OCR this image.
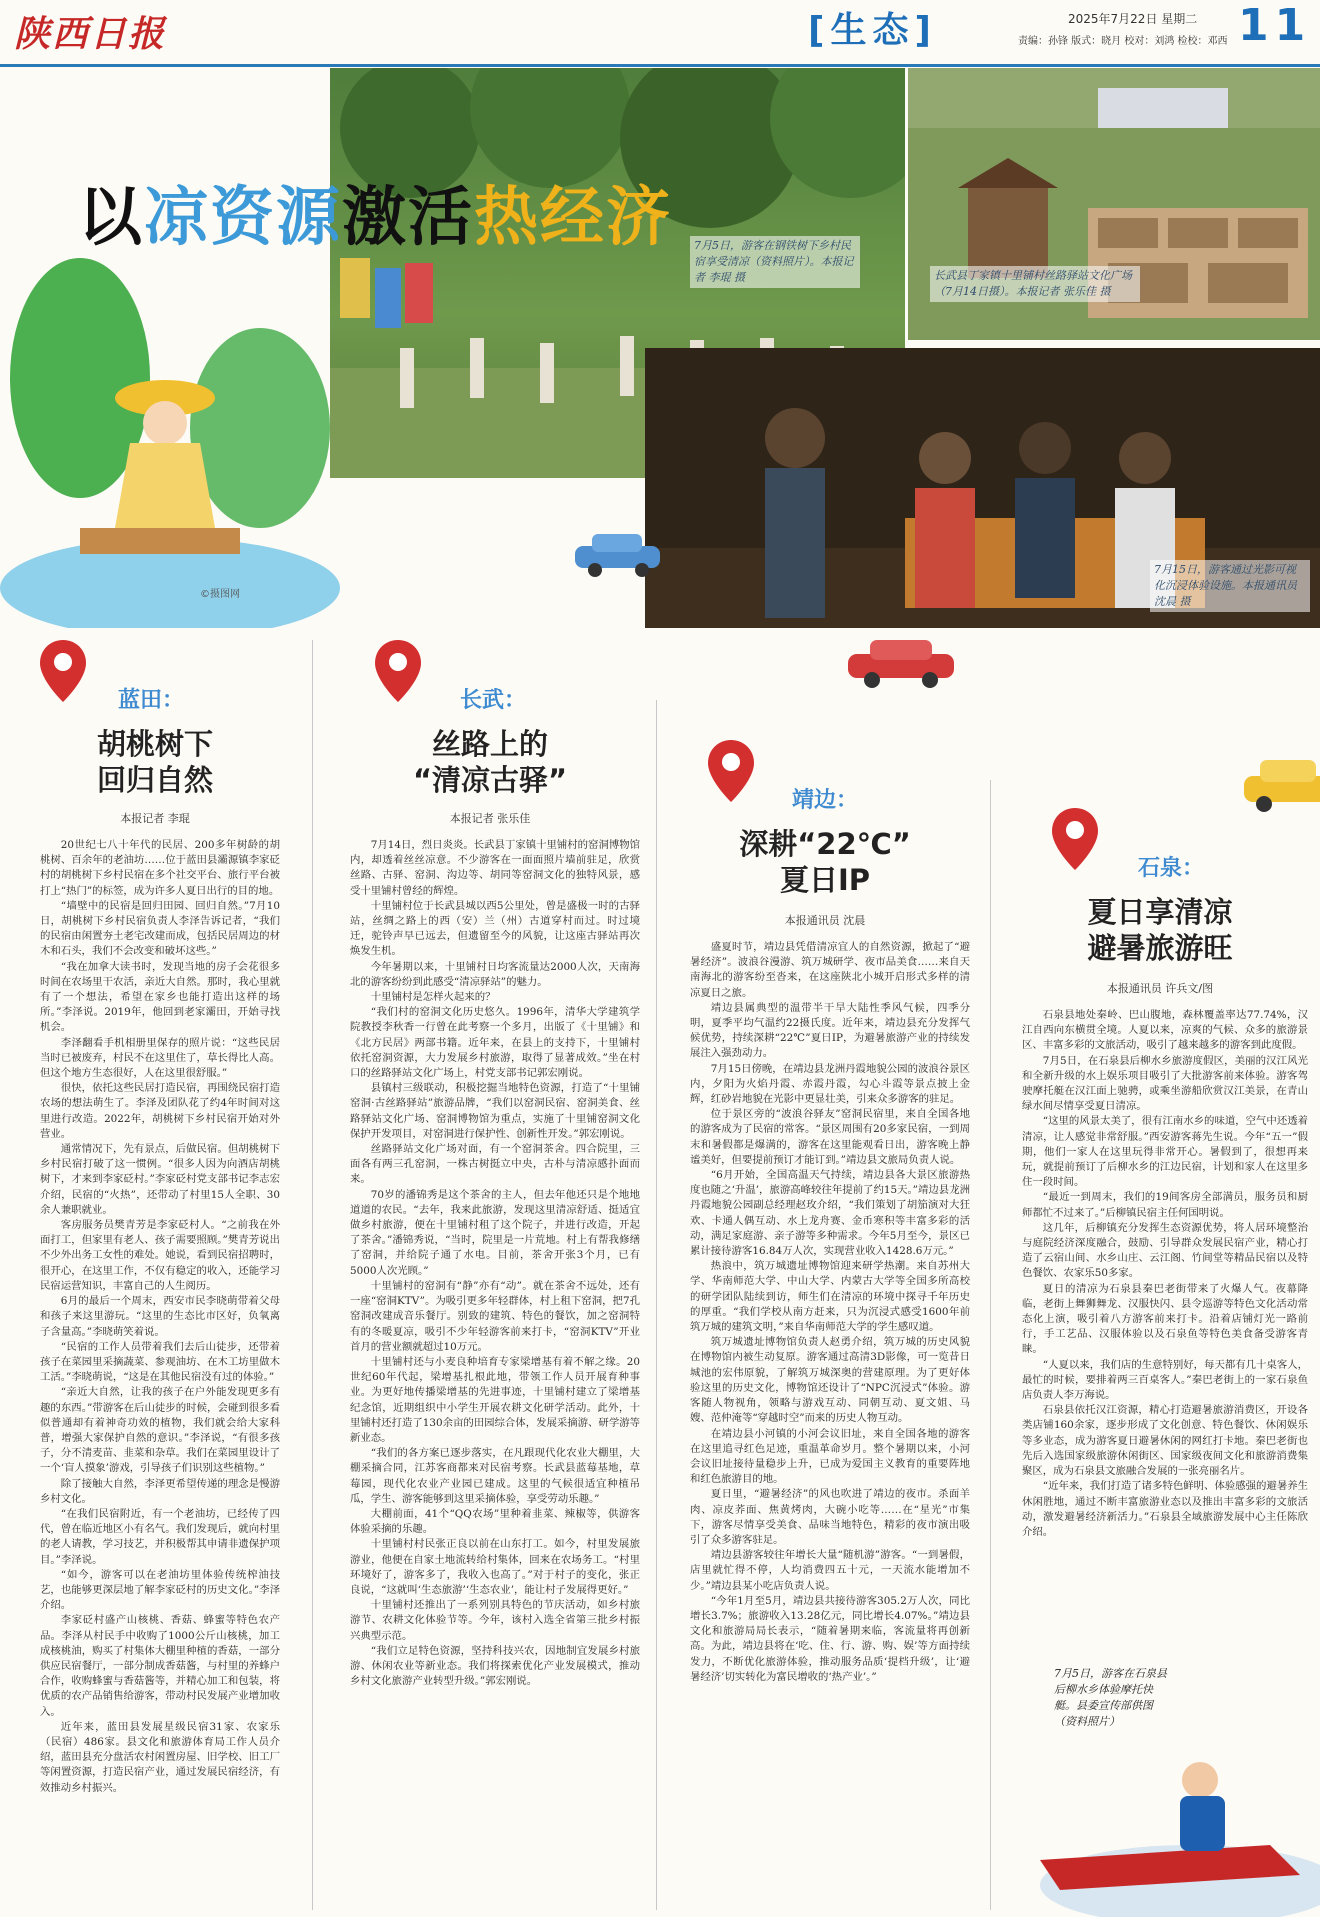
陕西日报	[生态]	2025年7月22日 星期二
责编：孙锋 版式：晓月 校对：刘鸿 检校：邓西 11
以凉资源激活热经济	7月5日，游客在钢铁树下乡村民宿享受清凉（资料照片）。本报记者 李琨 摄	长武县丁家镇十里铺村丝路驿站文化广场（7月14日摄）。本报记者 张乐佳 摄
7月15日，游客通过光影可视化沉浸体验设施。本报通讯员 沈晨 摄
©摄图网
蓝田：
胡桃树下
回归自然
本报记者 李琨

20世纪七八十年代的民居、200多年树龄的胡桃树、百余年的老油坊……位于蓝田县灞源镇李家砭村的胡桃树下乡村民宿在多个社交平台、旅行平台被打上“热门”的标签，成为许多人夏日出行的目的地。

“墙壁中的民宿是回归田园、回归自然。”7月10日，胡桃树下乡村民宿负责人李泽告诉记者，“我们的民宿由闲置夯土老宅改建而成，包括民居周边的材木和石头，我们不会改变和破坏这些。”

“我在加拿大读书时，发现当地的房子会花很多时间在农场里干农活，亲近大自然。那时，我心里就有了一个想法，希望在家乡也能打造出这样的场所。”李泽说。2019年，他回到老家灞田，开始寻找机会。

李泽翻看手机相册里保存的照片说：“这些民居当时已被废弃，村民不在这里住了，草长得比人高。但这个地方生态很好，人在这里很舒服。”

很快，依托这些民居打造民宿，再围绕民宿打造农场的想法萌生了。李泽及团队花了约4年时间对这里进行改造。2022年，胡桃树下乡村民宿开始对外营业。

通常情况下，先有景点，后做民宿。但胡桃树下乡村民宿打破了这一惯例。“很多人因为向酒店胡桃树下，才来到李家砭村。”李家砭村党支部书记李志宏介绍，民宿的“火热”，还带动了村里15人全职、30余人兼职就业。

客房服务员樊青芳是李家砭村人。“之前我在外面打工，但家里有老人、孩子需要照顾。”樊青芳说出不少外出务工女性的难处。她说，看到民宿招聘时，很开心，在这里工作，不仅有稳定的收入，还能学习民宿运营知识，丰富自己的人生阅历。

6月的最后一个周末，西安市民李晓萌带着父母和孩子来这里游玩。“这里的生态比市区好，负氧离子含量高。”李晓萌笑着说。

“民宿的工作人员带着我们去后山徒步，还带着孩子在菜园里采摘蔬菜、参观油坊、在木工坊里做木工活。”李晓萌说，“这是在其他民宿没有过的体验。”

“亲近大自然，让我的孩子在户外能发现更多有趣的东西。”带游客在后山徒步的时候，会碰到很多看似普通却有着神奇功效的植物，我们就会给大家科普，增强大家保护自然的意识。”李泽说，“有很多孩子，分不清麦苗、韭菜和杂草。我们在菜园里设计了一个‘盲人摸象’游戏，引导孩子们识别这些植物。”

除了接触大自然，李泽更希望传递的理念是慢游乡村文化。

“在我们民宿附近，有一个老油坊，已经传了四代，曾在临近地区小有名气。我们发现后，就向村里的老人请教，学习技艺，并积极帮其申请非遗保护项目。”李泽说。

“如今，游客可以在老油坊里体验传统榨油技艺，也能够更深层地了解李家砭村的历史文化。”李泽介绍。

李家砭村盛产山核桃、香菇、蜂蜜等特色农产品。李泽从村民手中收购了1000公斤山核桃，加工成核桃油，购买了村集体大棚里种植的香菇，一部分供应民宿餐厅，一部分制成香菇酱，与村里的养蜂户合作，收购蜂蜜与香菇酱等，并精心加工和包装，将优质的农产品销售给游客，带动村民发展产业增加收入。

近年来，蓝田县发展星级民宿31家、农家乐（民宿）486家。县文化和旅游体育局工作人员介绍，蓝田县充分盘活农村闲置房屋、旧学校、旧工厂等闲置资源，打造民宿产业，通过发展民宿经济，有效推动乡村振兴。

长武：
丝路上的
“清凉古驿”
本报记者 张乐佳

7月14日，烈日炎炎。长武县丁家镇十里铺村的窑洞博物馆内，却透着丝丝凉意。不少游客在一面面照片墙前驻足，欣赏丝路、古驿、窑洞、沟边等、胡同等窑洞文化的独特风景，感受十里铺村曾经的辉煌。

十里铺村位于长武县城以西5公里处，曾是盛极一时的古驿站，丝绸之路上的西（安）兰（州）古道穿村而过。时过境迁，驼铃声早已远去，但遗留至今的风貌，让这座古驿站再次焕发生机。

今年暑期以来，十里铺村日均客流量达2000人次，天南海北的游客纷纷到此感受“清凉驿站”的魅力。

十里铺村是怎样火起来的？

“我们村的窑洞文化历史悠久。1996年，清华大学建筑学院教授李秋香一行曾在此考察一个多月，出版了《十里铺》和《北方民居》两部书籍。近年来，在县上的支持下，十里铺村依托窑洞资源，大力发展乡村旅游，取得了显著成效。”坐在村口的丝路驿站文化广场上，村党支部书记郭宏刚说。

县镇村三级联动，积极挖掘当地特色资源，打造了“十里铺窑洞·古丝路驿站”旅游品牌，“我们以窑洞民宿、窑洞美食、丝路驿站文化广场、窑洞博物馆为重点，实施了十里铺窑洞文化保护开发项目，对窑洞进行保护性、创新性开发。”郭宏刚说。

丝路驿站文化广场对面，有一个窑洞茶舍。四合院里，三面各有两三孔窑洞，一株古树挺立中央，古朴与清凉感扑面而来。

70岁的潘锦秀是这个茶舍的主人，但去年他还只是个地地道道的农民。“去年，我来此旅游，发现这里清凉舒适、挺适宜做乡村旅游，便在十里铺村租了这个院子，并进行改造，开起了茶舍。”潘锦秀说，“当时，院里是一片荒地。村上有帮我修缮了窑洞，并给院子通了水电。目前，茶舍开张3个月，已有5000人次光顾。”

十里铺村的窑洞有“静”亦有“动”。就在茶舍不远处，还有一座“窑洞KTV”。为吸引更多年轻群体，村上租下窑洞，把7孔窑洞改建成音乐餐厅。别致的建筑、特色的餐饮，加之窑洞特有的冬暖夏凉，吸引不少年轻游客前来打卡，“窑洞KTV”开业首月的营业额就超过10万元。

十里铺村还与小麦良种培育专家梁增基有着不解之缘。20世纪60年代起，梁增基扎根此地，带领工作人员开展育种事业。为更好地传播梁增基的先进事迹，十里铺村建立了梁增基纪念馆，近期组织中小学生开展农耕文化研学活动。此外，十里铺村还打造了130余亩的田园综合体，发展采摘游、研学游等新业态。

“我们的各方案已逐步落实，在凡跟现代化农业大棚里，大棚采摘合同，江苏客商都来对民宿考察。长武县蓝莓基地，草莓园，现代化农业产业园已建成。这里的气候很适宜种植吊瓜，学生、游客能够到这里采摘体验，享受劳动乐趣。”

大棚前面，41个“QQ农场”里种着韭菜、辣椒等，供游客体验采摘的乐趣。

十里铺村村民张正良以前在山东打工。如今，村里发展旅游业，他便在自家土地流转给村集体，回来在农场务工。“村里环境好了，游客多了，我收入也高了。”对于村子的变化，张正良说，“这就叫‘生态旅游’‘生态农业’，能让村子发展得更好。”

十里铺村还推出了一系列别具特色的节庆活动，如乡村旅游节、农耕文化体验节等。今年，该村入选全省第三批乡村振兴典型示范。

“我们立足特色资源，坚持科技兴农，因地制宜发展乡村旅游、休闲农业等新业态。我们将探索优化产业发展模式，推动乡村文化旅游产业转型升级。”郭宏刚说。

靖边：
深耕“22℃”
夏日IP
本报通讯员 沈晨

盛夏时节，靖边县凭借清凉宜人的自然资源，掀起了“避暑经济”。波浪谷漫游、筑万城研学、夜市品美食……来自天南海北的游客纷至沓来，在这座陕北小城开启形式多样的清凉夏日之旅。

靖边县属典型的温带半干旱大陆性季风气候，四季分明，夏季平均气温约22摄氏度。近年来，靖边县充分发挥气候优势，持续深耕“22℃”夏日IP，为避暑旅游产业的持续发展注入强劲动力。

7月15日傍晚，在靖边县龙洲丹霞地貌公园的波浪谷景区内，夕阳为火焰丹霞、赤霞丹霞，勾心斗霞等景点披上金辉，红砂岩地貌在光影中更显壮美，引来众多游客的驻足。

位于景区旁的“波浪谷驿友”窑洞民宿里，来自全国各地的游客成为了民宿的常客。“景区周围有20多家民宿，一到周末和暑假都是爆满的，游客在这里能观看日出，游客晚上静谧美好，但要提前预订才能订到。”靖边县文旅局负责人说。

“6月开始，全国高温天气持续，靖边县各大景区旅游热度也随之‘升温’，旅游高峰较往年提前了约15天。”靖边县龙洲丹霞地貌公园副总经理赵玫介绍，“我们策划了胡笳演对大狂欢、卡通人偶互动、水上龙舟赛、金币寒积等丰富多彩的活动，满足家庭游、亲子游等多种需求。今年5月至今，景区已累计接待游客16.84万人次，实现营业收入1428.6万元。”

热浪中，筑万城遗址博物馆迎来研学热潮。来自苏州大学、华南师范大学、中山大学、内蒙古大学等全国多所高校的研学团队陆续到访，师生们在清凉的环境中探寻千年历史的厚重。“我们学校从南方赶来，只为沉浸式感受1600年前筑万城的建筑文明，”来自华南师范大学的学生感叹道。

筑万城遗址博物馆负责人赵勇介绍，筑万城的历史风貌在博物馆内被生动复原。游客通过高清3D影像，可一览昔日城池的宏伟原貌，了解筑万城深奥的营建原理。为了更好体验这里的历史文化，博物馆还设计了“NPC沉浸式”体验。游客随人物视角，领略与游戏互动、同朝互动、夏文姐、马嫂、范仲淹等“穿越时空”而来的历史人物互动。

在靖边县小河镇的小河会议旧址，来自全国各地的游客在这里追寻红色足迹，重温革命岁月。整个暑期以来，小河会议旧址接待量稳步上升，已成为爱国主义教育的重要阵地和红色旅游目的地。

夏日里，“避暑经济”的风也吹进了靖边的夜市。杀面羊肉、凉皮荞面、焦黄烤肉，大碗小吃等……在“星光”市集下，游客尽情享受美食、品味当地特色，精彩的夜市演出吸引了众多游客驻足。

靖边县游客较往年增长大量“随机游”游客。“一到暑假，店里就忙得不停，人均消费四五十元，一天流水能增加不少。”靖边县某小吃店负责人说。

“今年1月至5月，靖边县共接待游客305.2万人次，同比增长3.7%；旅游收入13.28亿元，同比增长4.07%。”靖边县文化和旅游局局长表示，“随着暑期来临，客流量将再创新高。为此，靖边县将在‘吃、住、行、游、购、娱’等方面持续发力，不断优化旅游体验，推动服务品质‘提档升级’，让‘避暑经济’切实转化为富民增收的‘热产业’。”

石泉：
夏日享清凉
避暑旅游旺
本报通讯员 许兵文/图

石泉县地处秦岭、巴山腹地，森林覆盖率达77.74%，汉江自西向东横贯全境。人夏以来，凉爽的气候、众多的旅游景区、丰富多彩的文旅活动，吸引了越来越多的游客到此度假。

7月5日，在石泉县后柳水乡旅游度假区，美丽的汉江风光和全新升级的水上娱乐项目吸引了大批游客前来体验。游客驾驶摩托艇在汉江面上驰骋，或乘坐游船欣赏汉江美景，在青山绿水间尽情享受夏日清凉。

“这里的风景太美了，很有江南水乡的味道，空气中还透着清凉，让人感觉非常舒服。”西安游客蒋先生说。今年“五一”假期，他们一家人在这里玩得非常开心。暑假到了，很想再来玩，就提前预订了后柳水乡的江边民宿，计划和家人在这里多住一段时间。

“最近一到周末，我们的19间客房全部满员，服务员和厨师都忙不过来了。”后柳镇民宿主任何国明说。

这几年，后柳镇充分发挥生态资源优势，将人居环境整治与庭院经济深度融合，鼓励、引导群众发展民宿产业，精心打造了云宿山间、水乡山庄、云江阁、竹间堂等精品民宿以及特色餐饮、农家乐50多家。

夏日的清凉为石泉县秦巴老街带来了火爆人气。夜幕降临，老街上舞狮舞龙、汉服快闪、县令巡游等特色文化活动常态化上演，吸引着八方游客前来打卡。沿着店铺灯光一路前行，手工艺品、汉服体验以及石泉鱼等特色美食备受游客青睐。

“人夏以来，我们店的生意特别好，每天都有几十桌客人，最忙的时候，要排着两三百桌客人。”秦巴老街上的一家石泉鱼店负责人李万海说。

石泉县依托汉江资源，精心打造避暑旅游消费区，开设各类店铺160余家，逐步形成了文化创意、特色餐饮、休闲娱乐等多业态，成为游客夏日避暑休闲的网红打卡地。秦巴老街也先后入选国家级旅游休闲街区、国家级夜间文化和旅游消费集聚区，成为石泉县文旅融合发展的一张亮丽名片。

“近年来，我们打造了诸多特色鲜明、体验感强的避暑养生休闲胜地，通过不断丰富旅游业态以及推出丰富多彩的文旅活动，激发避暑经济新活力。”石泉县全域旅游发展中心主任陈欣介绍。

7月5日，游客在石泉县后柳水乡体验摩托快艇。县委宣传部供图（资料照片）
